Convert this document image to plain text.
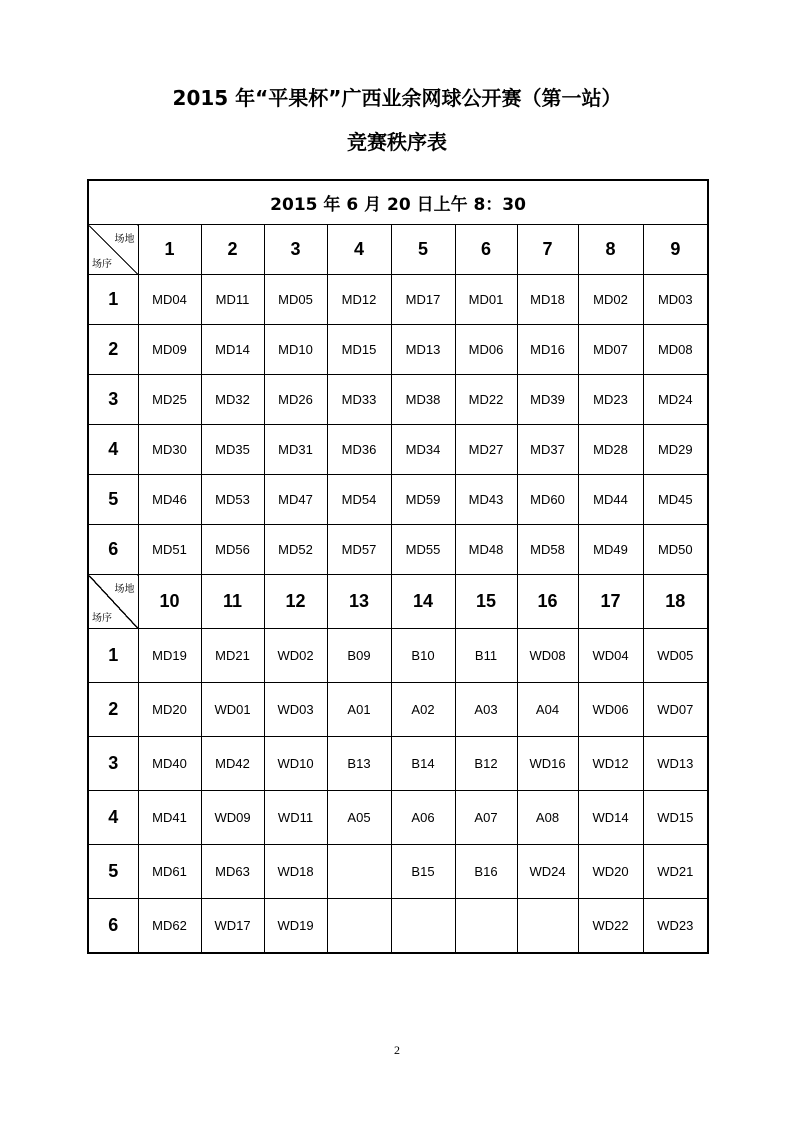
2015 年“平果杯”广西业余网球公开赛（第一站）
竞赛秩序表
2015 年 6 月 20 日上午 8：30									

场地
场序	1	2	3	4	5	6	7	8	9
1	MD04	MD11	MD05	MD12	MD17	MD01	MD18	MD02	MD03
2	MD09	MD14	MD10	MD15	MD13	MD06	MD16	MD07	MD08
3	MD25	MD32	MD26	MD33	MD38	MD22	MD39	MD23	MD24
4	MD30	MD35	MD31	MD36	MD34	MD27	MD37	MD28	MD29
5	MD46	MD53	MD47	MD54	MD59	MD43	MD60	MD44	MD45
6	MD51	MD56	MD52	MD57	MD55	MD48	MD58	MD49	MD50

场地
场序	10	11	12	13	14	15	16	17	18
1	MD19	MD21	WD02	B09	B10	B11	WD08	WD04	WD05
2	MD20	WD01	WD03	A01	A02	A03	A04	WD06	WD07
3	MD40	MD42	WD10	B13	B14	B12	WD16	WD12	WD13
4	MD41	WD09	WD11	A05	A06	A07	A08	WD14	WD15
5	MD61	MD63	WD18		B15	B16	WD24	WD20	WD21
6	MD62	WD17	WD19					WD22	WD23
2
